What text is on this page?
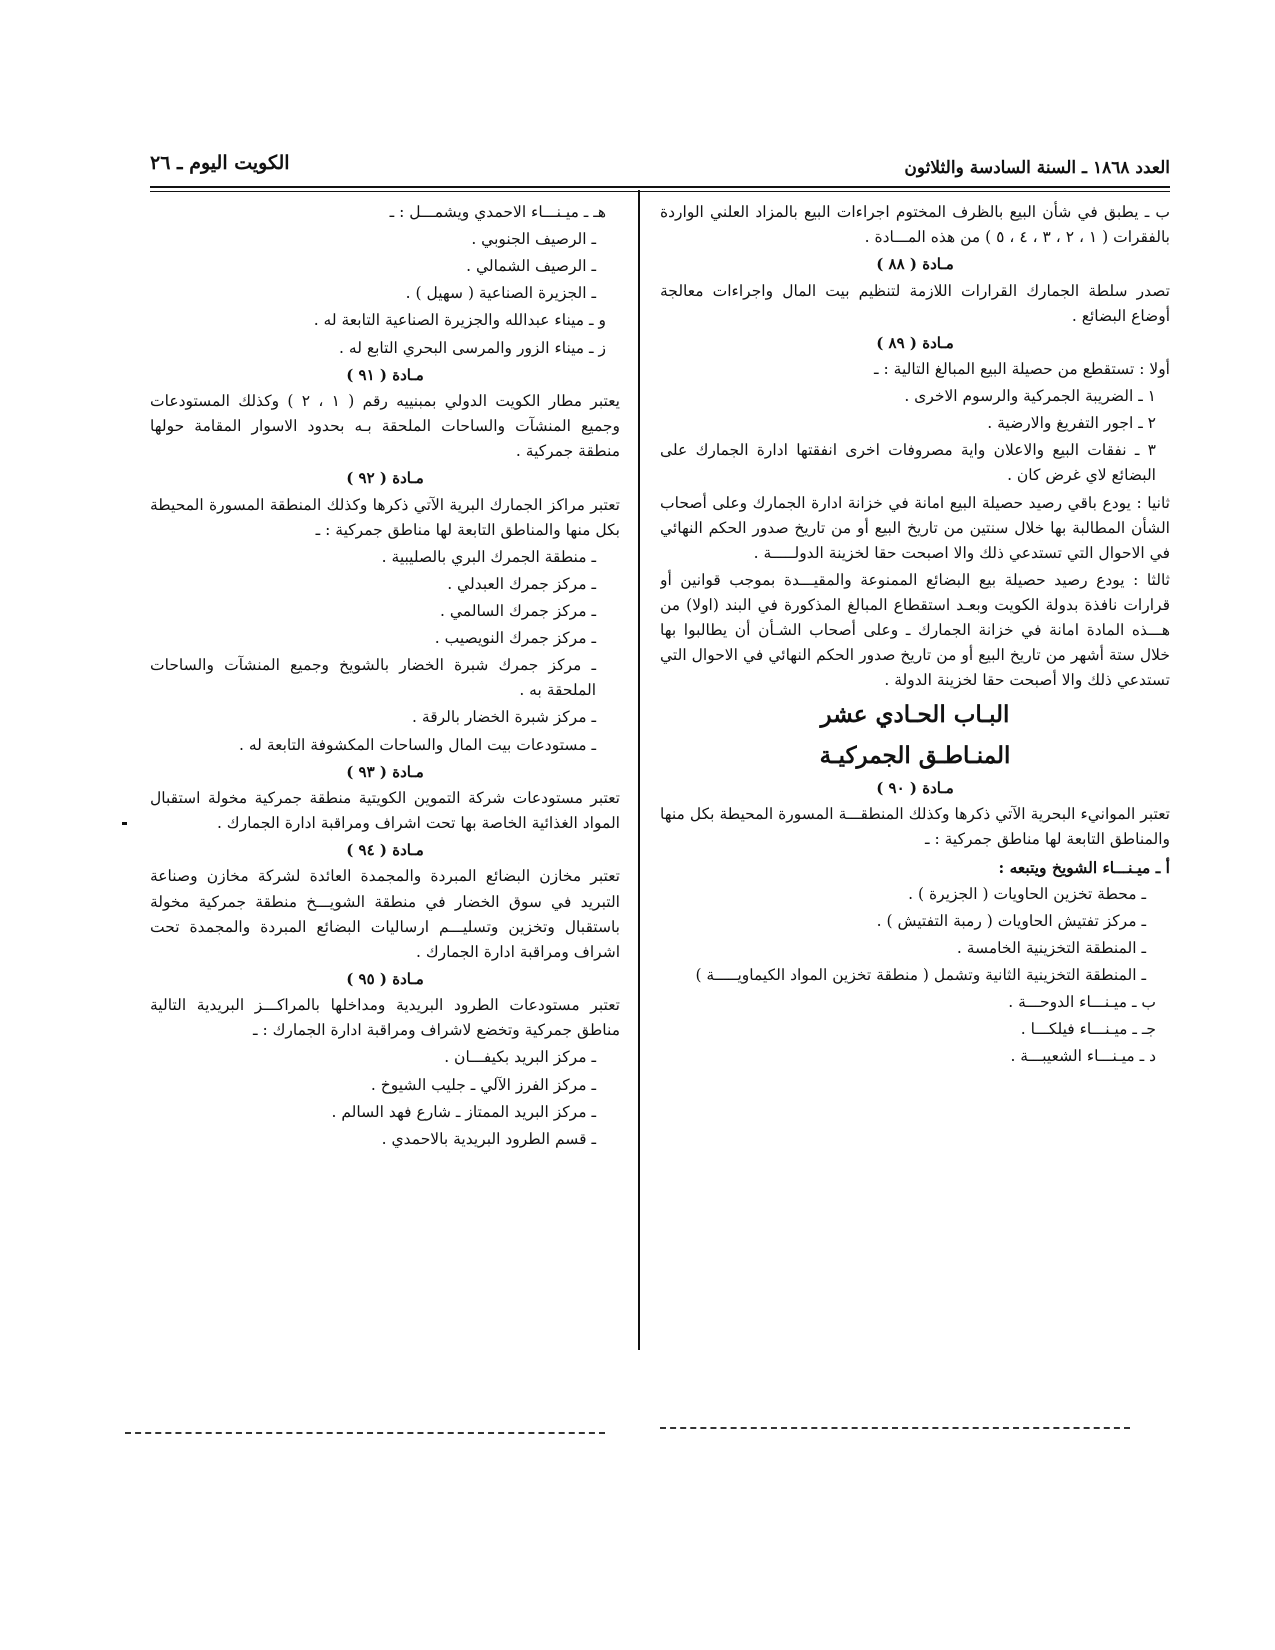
العدد ١٨٦٨ ـ السنة السادسة والثلاثون
الكويت اليوم ـ ٢٦

ب ـ يطبق في شأن البيع بالظرف المختوم اجراءات البيع بالمزاد العلني الواردة بالفقرات ( ١ ، ٢ ، ٣ ، ٤ ، ٥ ) من هذه المـــادة .

مـادة ( ٨٨ )

تصدر سلطة الجمارك القرارات اللازمة لتنظيم بيت المال واجراءات معالجة أوضاع البضائع .

مـادة ( ٨٩ )

أولا : تستقطع من حصيلة البيع المبالغ التالية : ـ

١ ـ الضريبة الجمركية والرسوم الاخرى .

٢ ـ اجور التفريغ والارضية .

٣ ـ نفقات البيع والاعلان واية مصروفات اخرى انفقتها ادارة الجمارك على البضائع لاي غرض كان .

ثانيا : يودع باقي رصيد حصيلة البيع امانة في خزانة ادارة الجمارك وعلى أصحاب الشأن المطالبة بها خلال سنتين من تاريخ البيع أو من تاريخ صدور الحكم النهائي في الاحوال التي تستدعي ذلك والا اصبحت حقا لخزينة الدولـــــة .

ثالثا : يودع رصيد حصيلة بيع البضائع الممنوعة والمقيـــدة بموجب قوانين أو قرارات نافذة بدولة الكويت وبعـد استقطاع المبالغ المذكورة في البند (اولا) من هـــذه المادة امانة في خزانة الجمارك ـ وعلى أصحاب الشـأن أن يطالبوا بها خلال ستة أشهر من تاريخ البيع أو من تاريخ صدور الحكم النهائي في الاحوال التي تستدعي ذلك والا أصبحت حقا لخزينة الدولة .

البـاب الحـادي عشر
المنـاطـق الجمركيـة
مـادة ( ٩٠ )

تعتبر الموانيء البحرية الآتي ذكرها وكذلك المنطقـــة المسورة المحيطة بكل منها والمناطق التابعة لها مناطق جمركية : ـ

أ ـ ميـنـــاء الشويخ ويتبعه :

ـ محطة تخزين الحاويات ( الجزيرة ) .

ـ مركز تفتيش الحاويات ( رمبة التفتيش ) .

ـ المنطقة التخزينية الخامسة .

ـ المنطقة التخزينية الثانية وتشمل ( منطقة تخزين المواد الكيماويـــــة )

ب ـ ميـنـــاء الدوحـــة .

جـ ـ ميـنـــاء فيلكـــا .

د ـ ميـنـــاء الشعيبـــة .

هـ ـ ميـنـــاء الاحمدي ويشمـــل : ـ

ـ الرصيف الجنوبي .

ـ الرصيف الشمالي .

ـ الجزيرة الصناعية ( سهيل ) .

و ـ ميناء عبدالله والجزيرة الصناعية التابعة له .

ز ـ ميناء الزور والمرسى البحري التابع له .

مـادة ( ٩١ )

يعتبر مطار الكويت الدولي بمبنييه رقم ( ١ ، ٢ ) وكذلك المستودعات وجميع المنشآت والساحات الملحقة بـه بحدود الاسوار المقامة حولها منطقة جمركية .

مـادة ( ٩٢ )

تعتبر مراكز الجمارك البرية الآتي ذكرها وكذلك المنطقة المسورة المحيطة بكل منها والمناطق التابعة لها مناطق جمركية : ـ

ـ منطقة الجمرك البري بالصليبية .

ـ مركز جمرك العبدلي .

ـ مركز جمرك السالمي .

ـ مركز جمرك النويصيب .

ـ مركز جمرك شبرة الخضار بالشويخ وجميع المنشآت والساحات الملحقة به .

ـ مركز شبرة الخضار بالرقة .

ـ مستودعات بيت المال والساحات المكشوفة التابعة له .

مـادة ( ٩٣ )

تعتبر مستودعات شركة التموين الكويتية منطقة جمركية مخولة استقبال المواد الغذائية الخاصة بها تحت اشراف ومراقبة ادارة الجمارك .

مـادة ( ٩٤ )

تعتبر مخازن البضائع المبردة والمجمدة العائدة لشركة مخازن وصناعة التبريد في سوق الخضار في منطقة الشويـــخ منطقة جمركية مخولة باستقبال وتخزين وتسليـــم ارساليات البضائع المبردة والمجمدة تحت اشراف ومراقبة ادارة الجمارك .

مـادة ( ٩٥ )

تعتبر مستودعات الطرود البريدية ومداخلها بالمراكـــز البريدية التالية مناطق جمركية وتخضع لاشراف ومراقبة ادارة الجمارك : ـ

ـ مركز البريد بكيفـــان .

ـ مركز الفرز الآلي ـ جليب الشيوخ .

ـ مركز البريد الممتاز ـ شارع فهد السالم .

ـ قسم الطرود البريدية بالاحمدي .
